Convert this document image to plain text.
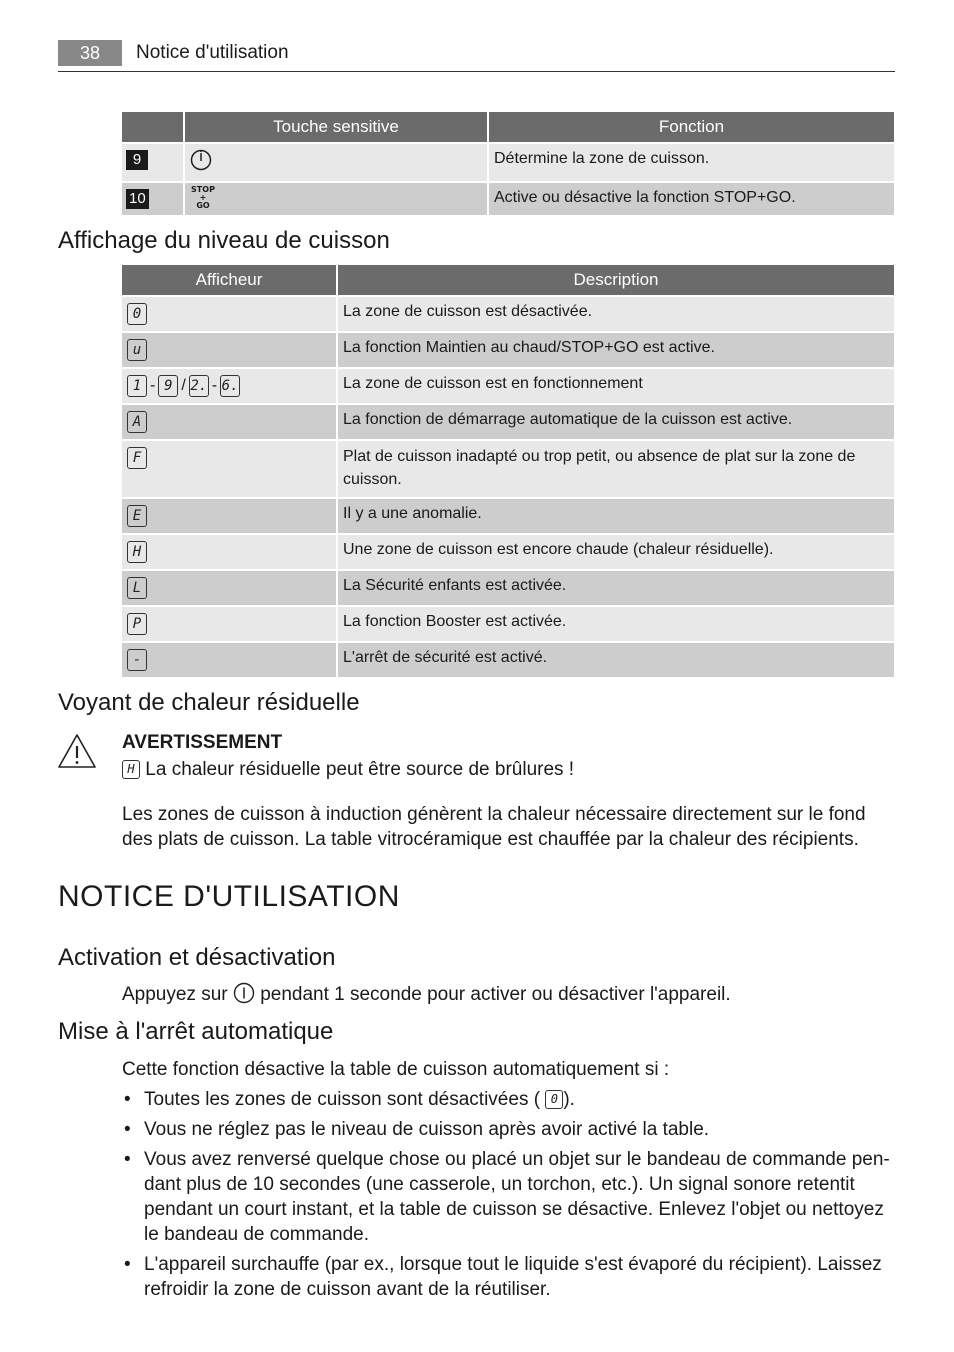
38	Notice d'utilisation
	Touche sensitive	Fonction
9		Détermine la zone de cuisson.
10	STOP
+
GO	Active ou désactive la fonction STOP+GO.
Affichage du niveau de cuisson
Afficheur	Description
0	La zone de cuisson est désactivée.
u	La fonction Maintien au chaud/STOP+GO est active.
1 - 9 / 2. - 6.	La zone de cuisson est en fonctionnement
A	La fonction de démarrage automatique de la cuisson est active.
F	Plat de cuisson inadapté ou trop petit, ou absence de plat sur la zone de cuisson.
E	Il y a une anomalie.
H	Une zone de cuisson est encore chaude (chaleur résiduelle).
L	La Sécurité enfants est activée.
P	La fonction Booster est activée.
-	L'arrêt de sécurité est activé.
Voyant de chaleur résiduelle
AVERTISSEMENT
H La chaleur résiduelle peut être source de brûlures !

Les zones de cuisson à induction génèrent la chaleur nécessaire directement sur le fond des plats de cuisson. La table vitrocéramique est chauffée par la chaleur des récipients.

NOTICE D'UTILISATION
Activation et désactivation
Appuyez sur pendant 1 seconde pour activer ou désactiver l'appareil.
Mise à l'arrêt automatique
Cette fonction désactive la table de cuisson automatiquement si :
• Toutes les zones de cuisson sont désactivées ( 0 ).
• Vous ne réglez pas le niveau de cuisson après avoir activé la table.
• Vous avez renversé quelque chose ou placé un objet sur le bandeau de commande pendant plus de 10 secondes (une casserole, un torchon, etc.). Un signal sonore retentit pendant un court instant, et la table de cuisson se désactive. Enlevez l'objet ou nettoyez le bandeau de commande.
• L'appareil surchauffe (par ex., lorsque tout le liquide s'est évaporé du récipient). Laissez refroidir la zone de cuisson avant de la réutiliser.
